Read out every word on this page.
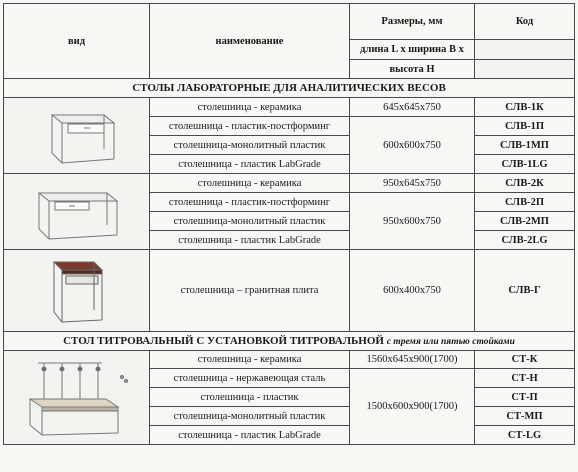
вид	наименование	Размеры, мм	Код
		длина L x ширина B x	
		высота H	
СТОЛЫ ЛАБОРАТОРНЫЕ ДЛЯ АНАЛИТИЧЕСКИХ ВЕСОВ			

	столешница - керамика	645x645x750	СЛВ-1К
	столешница - пластик-постформинг	600x600x750	СЛВ-1П
	столешница-монолитный пластик		СЛВ-1МП
	столешница - пластик LabGrade		СЛВ-1LG

	столешница - керамика	950x645x750	СЛВ-2К
	столешница - пластик-постформинг	950x600x750	СЛВ-2П
	столешница-монолитный пластик		СЛВ-2МП
	столешница - пластик LabGrade		СЛВ-2LG

	столешница – гранитная плита	600x400x750	СЛВ-Г
СТОЛ ТИТРОВАЛЬНЫЙ С УСТАНОВКОЙ ТИТРОВАЛЬНОЙ с тремя или пятью стойками			

	столешница - керамика	1560x645x900(1700)	СТ-К
	столешница - нержавеющая сталь	1500x600x900(1700)	СТ-Н
	столешница - пластик		СТ-П
	столешница-монолитный пластик		СТ-МП
	столешница - пластик LabGrade		СТ-LG
